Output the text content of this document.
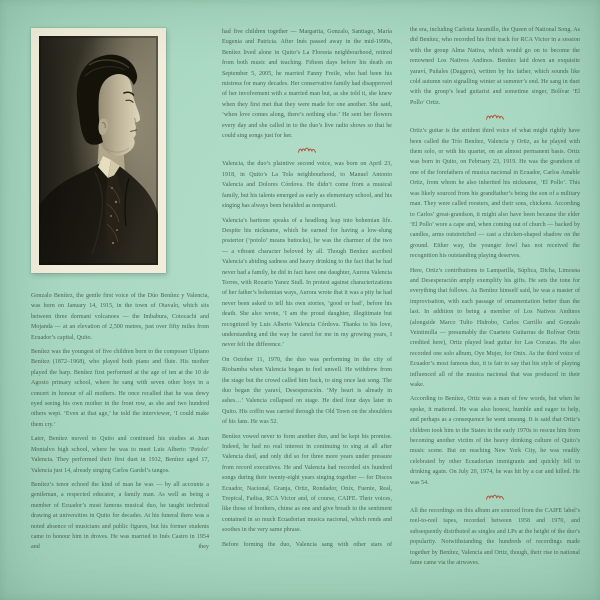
Gonzalo Benítez, the gentle first voice of the Dúo Benítez y Valencia, was born on January 14, 1915, in the town of Otavalo, which sits between three dormant volcanoes — the Imbabura, Cotocachi and Mojanda — at an elevation of 2,500 metres, just over fifty miles from Ecuador’s capital, Quito.

Benítez was the youngest of five children born to the composer Ulpiano Benítez (1872–1968), who played both piano and flute. His mother played the harp. Benítez first performed at the age of ten at the 10 de Agosto primary school, where he sang with seven other boys in a concert in honour of all mothers. He once recalled that he was dewy eyed seeing his own mother in the front row, as she and two hundred others wept. ‘Even at that age,’ he told the interviewer, ‘I could make them cry.’

Later, Benítez moved to Quito and continued his studies at Juan Montalvo high school, where he was to meet Luis Alberto ‘Potolo’ Valencia. They performed their first duet in 1932, Benítez aged 17, Valencia just 14, already singing Carlos Gardel’s tangos.

Benítez’s tenor echoed the kind of man he was — by all accounts a gentleman, a respected educator, a family man. As well as being a member of Ecuador’s most famous musical duo, he taught technical drawing at universities in Quito for decades. At his funeral there was a noted absence of musicians and public figures, but his former students came to honour him in droves. He was married to Inés Castro in 1954 and they

had five children together — Margarita, Gonzalo, Santiago, María Eugenia and Patricia. After Inés passed away in the mid-1990s, Benítez lived alone in Quito’s La Floresta neighbourhood, retired from both music and teaching. Fifteen days before his death on September 5, 2005, he married Fanny Freile, who had been his mistress for many decades. Her conservative family had disapproved of her involvement with a married man but, as she told it, she knew when they first met that they were made for one another. She said, ‘when love comes along, there’s nothing else.’ He sent her flowers every day and she called in to the duo’s live radio shows so that he could sing songs just for her.

Valencia, the duo’s plaintive second voice, was born on April 23, 1918, in Quito’s La Tola neighbourhood, to Manuel Antonio Valencia and Dolores Córdova. He didn’t come from a musical family, but his talents emerged as early as elementary school, and his singing has always been heralded as nonpareil.

Valencia’s baritone speaks of a headlong leap into bohemian life. Despite his nickname, which he earned for having a low-slung posterior (‘potolo’ means buttocks), he was the charmer of the two — a vibrant character beloved by all. Though Benítez ascribed Valencia’s abiding sadness and heavy drinking to the fact that he had never had a family, he did in fact have one daughter, Aurora Valencia Torres, with Rozario Yanez Stull. In protest against characterizations of her father’s bohemian ways, Aurora wrote that it was a pity he had never been asked to tell his own stories, ‘good or bad’, before his death. She also wrote, ‘I am the proud daughter, illegitimate but recognized by Luis Alberto Valencia Córdova. Thanks to his love, understanding and the way he cared for me in my growing years, I never felt the difference.’

On October 11, 1970, the duo was performing in the city of Riobamba when Valencia began to feel unwell. He withdrew from the stage but the crowd called him back, to sing once last song. The duo began the yaraví, Desesperación. ‘My heart is already in ashes…’ Valencia collapsed on stage. He died four days later in Quito. His coffin was carried through the Old Town on the shoulders of his fans. He was 52.

Benítez vowed never to form another duo, and he kept his promise. Indeed, he had no real interest in continuing to sing at all after Valencia died, and only did so for three more years under pressure from record executives. He and Valencia had recorded six hundred songs during their twenty-eight years singing together — for Discos Ecuador, Nacional, Granja, Ortiz, Rondador, Onix, Fuente, Real, Tropical, Fadisa, RCA Victor and, of course, CAIFE. Their voices, like those of brothers, chime as one and give breath to the sentiment contained in so much Ecuadorian musica nacional, which rends and soothes in the very same phrase.

Before forming the duo, Valencia sang with other stars of

the era, including Carlotta Jaramillo, the Queen of National Song. As did Benítez, who recorded his first track for RCA Victor in a session with the group Alma Nativa, which would go on to become the renowned Los Nativos Andinos. Benítez laid down an exquisite yaraví, Puñales (Daggers), written by his father, which sounds like cold autumn rain signalling winter at summer’s end. He sang in duet with the group’s lead guitarist and sometime singer, Bolívar ‘El Pollo’ Ortiz.

Ortiz’s guitar is the strident third voice of what might rightly have been called the Trío Benítez, Valencia y Ortiz, as he played with them solo, or with his quartet, on an almost permanent basis. Ortiz was born in Quito, on February 23, 1919. He was the grandson of one of the forefathers of musica nacional in Ecuador, Carlos Amable Ortiz, from whom he also inherited his nickname, ‘El Pollo’. This was likely sourced from his grandfather’s being the son of a military man. They were called roosters, and their sons, chickens. According to Carlos’ great-grandson, it might also have been because the elder ‘El Pollo’ wore a cape and, when coming out of church — backed by candles, arms outstretched — cast a chicken-shaped shadow on the ground. Either way, the younger fowl has not received the recognition his outstanding playing deserves.

Here, Ortiz’s contributions to Lamparilla, Súplica, Dicha, Limosna and Desesperación amply exemplify his gifts. He sets the tone for everything that follows. As Benítez himself said, he was a master of improvisation, with each passage of ornamentation better than the last. In addition to being a member of Los Nativos Andinos (alongside Marco Tulio Hidrobo, Carlos Carrillo and Gonzalo Veintimilla — presumably the Cuarteto Guitarras de Bolívar Ortiz credited here), Ortiz played lead guitar for Las Corazas. He also recorded one solo album, Oye Mujer, for Onix. As the third voice of Ecuador’s most famous duo, it is fair to say that his style of playing influenced all of the musica nacional that was produced in their wake.

According to Benítez, Ortiz was a man of few words, but when he spoke, it mattered. He was also honest, humble and eager to help, and perhaps as a consequence he went unsung. It is said that Ortiz’s children took him to the States in the early 1970s to rescue him from becoming another victim of the heavy drinking culture of Quito’s music scene. But on reaching New York City, he was readily celebrated by other Ecuadorian immigrants and quickly fell to drinking again. On July 20, 1974, he was hit by a car and killed. He was 54.

All the recordings on this album are sourced from the CAIFE label’s reel-to-reel tapes, recorded between 1958 and 1970, and subsequently distributed as singles and LPs at the height of the duo’s popularity. Notwithstanding the hundreds of recordings made together by Benítez, Valencia and Ortiz, though, their rise to national fame came via the airwaves.
